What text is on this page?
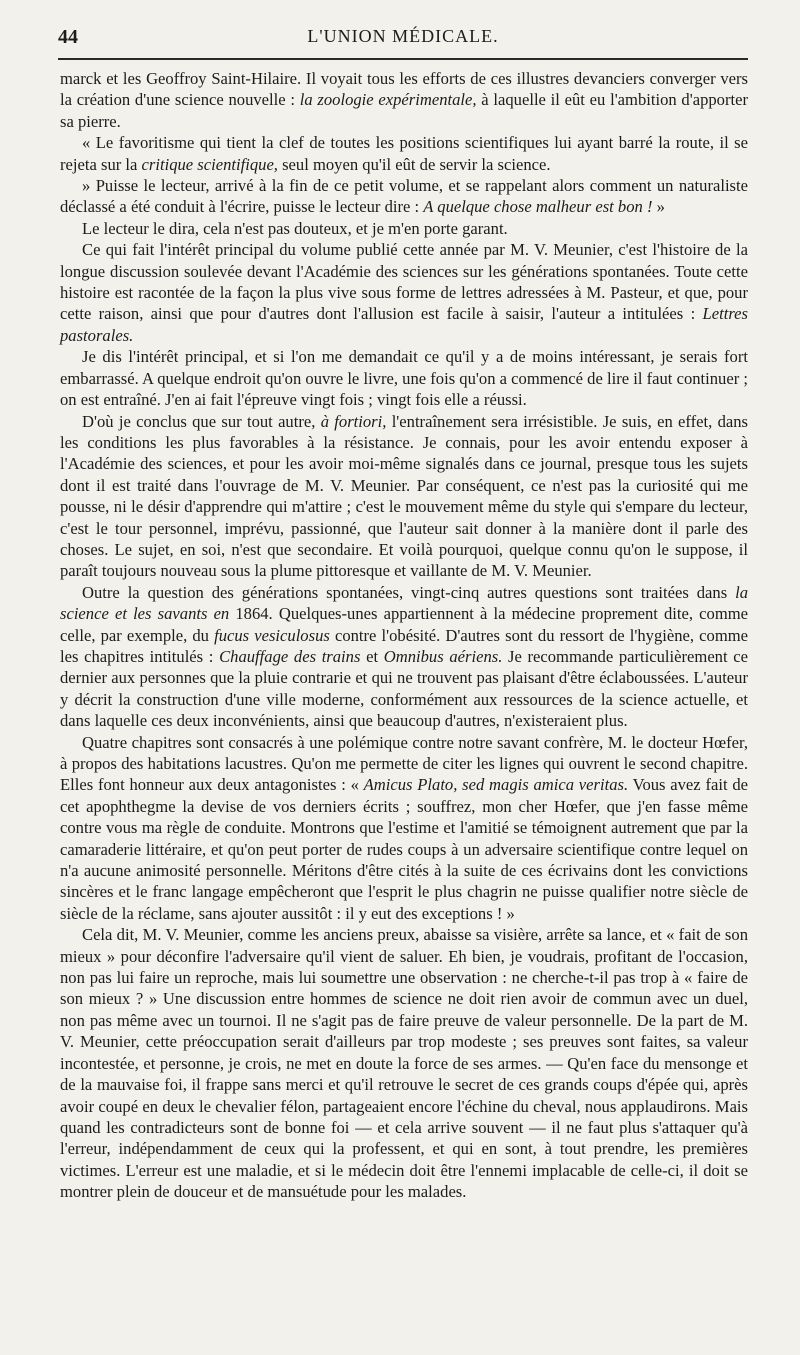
44	L'UNION MÉDICALE.

marck et les Geoffroy Saint-Hilaire. Il voyait tous les efforts de ces illustres devanciers converger vers la création d'une science nouvelle : la zoologie expérimentale, à laquelle il eût eu l'ambition d'apporter sa pierre.

« Le favoritisme qui tient la clef de toutes les positions scientifiques lui ayant barré la route, il se rejeta sur la critique scientifique, seul moyen qu'il eût de servir la science.

» Puisse le lecteur, arrivé à la fin de ce petit volume, et se rappelant alors comment un naturaliste déclassé a été conduit à l'écrire, puisse le lecteur dire : A quelque chose malheur est bon ! »

Le lecteur le dira, cela n'est pas douteux, et je m'en porte garant.

Ce qui fait l'intérêt principal du volume publié cette année par M. V. Meunier, c'est l'histoire de la longue discussion soulevée devant l'Académie des sciences sur les générations spontanées. Toute cette histoire est racontée de la façon la plus vive sous forme de lettres adressées à M. Pasteur, et que, pour cette raison, ainsi que pour d'autres dont l'allusion est facile à saisir, l'auteur a intitulées : Lettres pastorales.

Je dis l'intérêt principal, et si l'on me demandait ce qu'il y a de moins intéressant, je serais fort embarrassé. A quelque endroit qu'on ouvre le livre, une fois qu'on a commencé de lire il faut continuer ; on est entraîné. J'en ai fait l'épreuve vingt fois ; vingt fois elle a réussi.

D'où je conclus que sur tout autre, à fortiori, l'entraînement sera irrésistible. Je suis, en effet, dans les conditions les plus favorables à la résistance. Je connais, pour les avoir entendu exposer à l'Académie des sciences, et pour les avoir moi-même signalés dans ce journal, presque tous les sujets dont il est traité dans l'ouvrage de M. V. Meunier. Par conséquent, ce n'est pas la curiosité qui me pousse, ni le désir d'apprendre qui m'attire ; c'est le mouvement même du style qui s'empare du lecteur, c'est le tour personnel, imprévu, passionné, que l'auteur sait donner à la manière dont il parle des choses. Le sujet, en soi, n'est que secondaire. Et voilà pourquoi, quelque connu qu'on le suppose, il paraît toujours nouveau sous la plume pittoresque et vaillante de M. V. Meunier.

Outre la question des générations spontanées, vingt-cinq autres questions sont traitées dans la science et les savants en 1864. Quelques-unes appartiennent à la médecine proprement dite, comme celle, par exemple, du fucus vesiculosus contre l'obésité. D'autres sont du ressort de l'hygiène, comme les chapitres intitulés : Chauffage des trains et Omnibus aériens. Je recommande particulièrement ce dernier aux personnes que la pluie contrarie et qui ne trouvent pas plaisant d'être éclaboussées. L'auteur y décrit la construction d'une ville moderne, conformément aux ressources de la science actuelle, et dans laquelle ces deux inconvénients, ainsi que beaucoup d'autres, n'existeraient plus.

Quatre chapitres sont consacrés à une polémique contre notre savant confrère, M. le docteur Hœfer, à propos des habitations lacustres. Qu'on me permette de citer les lignes qui ouvrent le second chapitre. Elles font honneur aux deux antagonistes : « Amicus Plato, sed magis amica veritas. Vous avez fait de cet apophthegme la devise de vos derniers écrits ; souffrez, mon cher Hœfer, que j'en fasse même contre vous ma règle de conduite. Montrons que l'estime et l'amitié se témoignent autrement que par la camaraderie littéraire, et qu'on peut porter de rudes coups à un adversaire scientifique contre lequel on n'a aucune animosité personnelle. Méritons d'être cités à la suite de ces écrivains dont les convictions sincères et le franc langage empêcheront que l'esprit le plus chagrin ne puisse qualifier notre siècle de siècle de la réclame, sans ajouter aussitôt : il y eut des exceptions ! »

Cela dit, M. V. Meunier, comme les anciens preux, abaisse sa visière, arrête sa lance, et « fait de son mieux » pour déconfire l'adversaire qu'il vient de saluer. Eh bien, je voudrais, profitant de l'occasion, non pas lui faire un reproche, mais lui soumettre une observation : ne cherche-t-il pas trop à « faire de son mieux ? » Une discussion entre hommes de science ne doit rien avoir de commun avec un duel, non pas même avec un tournoi. Il ne s'agit pas de faire preuve de valeur personnelle. De la part de M. V. Meunier, cette préoccupation serait d'ailleurs par trop modeste ; ses preuves sont faites, sa valeur incontestée, et personne, je crois, ne met en doute la force de ses armes. — Qu'en face du mensonge et de la mauvaise foi, il frappe sans merci et qu'il retrouve le secret de ces grands coups d'épée qui, après avoir coupé en deux le chevalier félon, partageaient encore l'échine du cheval, nous applaudirons. Mais quand les contradicteurs sont de bonne foi — et cela arrive souvent — il ne faut plus s'attaquer qu'à l'erreur, indépendamment de ceux qui la professent, et qui en sont, à tout prendre, les premières victimes. L'erreur est une maladie, et si le médecin doit être l'ennemi implacable de celle-ci, il doit se montrer plein de douceur et de mansuétude pour les malades.
